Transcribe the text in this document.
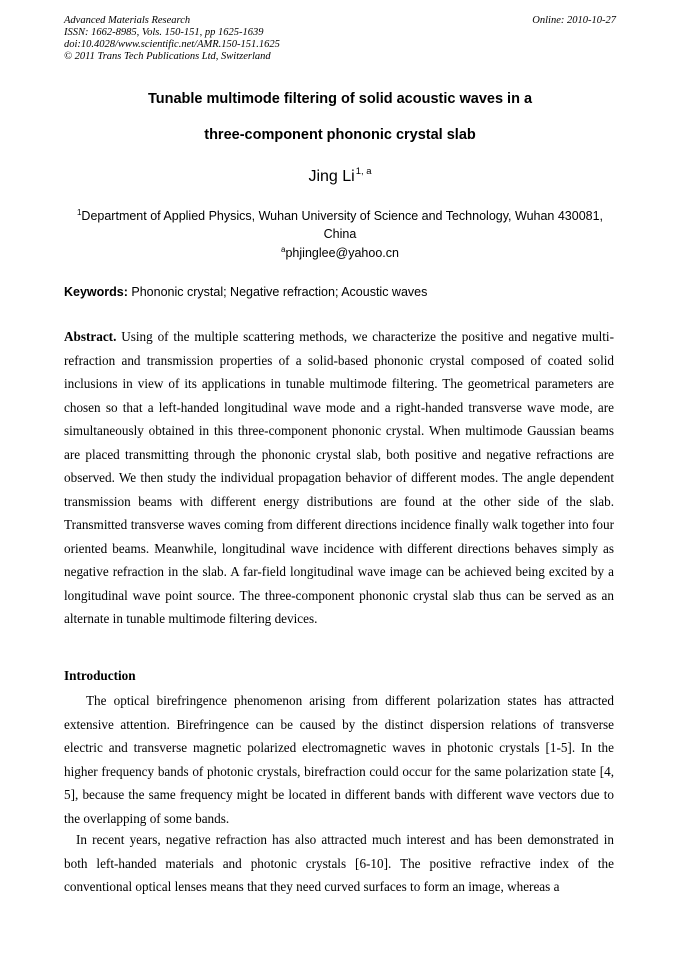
Advanced Materials Research
ISSN: 1662-8985, Vols. 150-151, pp 1625-1639
doi:10.4028/www.scientific.net/AMR.150-151.1625
© 2011 Trans Tech Publications Ltd, Switzerland
Online: 2010-10-27
Tunable multimode filtering of solid acoustic waves in a
three-component phononic crystal slab
Jing Li$^{1, a}$
$^1$Department of Applied Physics, Wuhan University of Science and Technology, Wuhan 430081, China
$^a$phjinglee@yahoo.cn
Keywords: Phononic crystal; Negative refraction; Acoustic waves
Abstract. Using of the multiple scattering methods, we characterize the positive and negative multi-refraction and transmission properties of a solid-based phononic crystal composed of coated solid inclusions in view of its applications in tunable multimode filtering. The geometrical parameters are chosen so that a left-handed longitudinal wave mode and a right-handed transverse wave mode, are simultaneously obtained in this three-component phononic crystal. When multimode Gaussian beams are placed transmitting through the phononic crystal slab, both positive and negative refractions are observed. We then study the individual propagation behavior of different modes. The angle dependent transmission beams with different energy distributions are found at the other side of the slab. Transmitted transverse waves coming from different directions incidence finally walk together into four oriented beams. Meanwhile, longitudinal wave incidence with different directions behaves simply as negative refraction in the slab. A far-field longitudinal wave image can be achieved being excited by a longitudinal wave point source. The three-component phononic crystal slab thus can be served as an alternate in tunable multimode filtering devices.
Introduction
The optical birefringence phenomenon arising from different polarization states has attracted extensive attention. Birefringence can be caused by the distinct dispersion relations of transverse electric and transverse magnetic polarized electromagnetic waves in photonic crystals [1-5]. In the higher frequency bands of photonic crystals, birefraction could occur for the same polarization state [4, 5], because the same frequency might be located in different bands with different wave vectors due to the overlapping of some bands.
In recent years, negative refraction has also attracted much interest and has been demonstrated in both left-handed materials and photonic crystals [6-10]. The positive refractive index of the conventional optical lenses means that they need curved surfaces to form an image, whereas a
